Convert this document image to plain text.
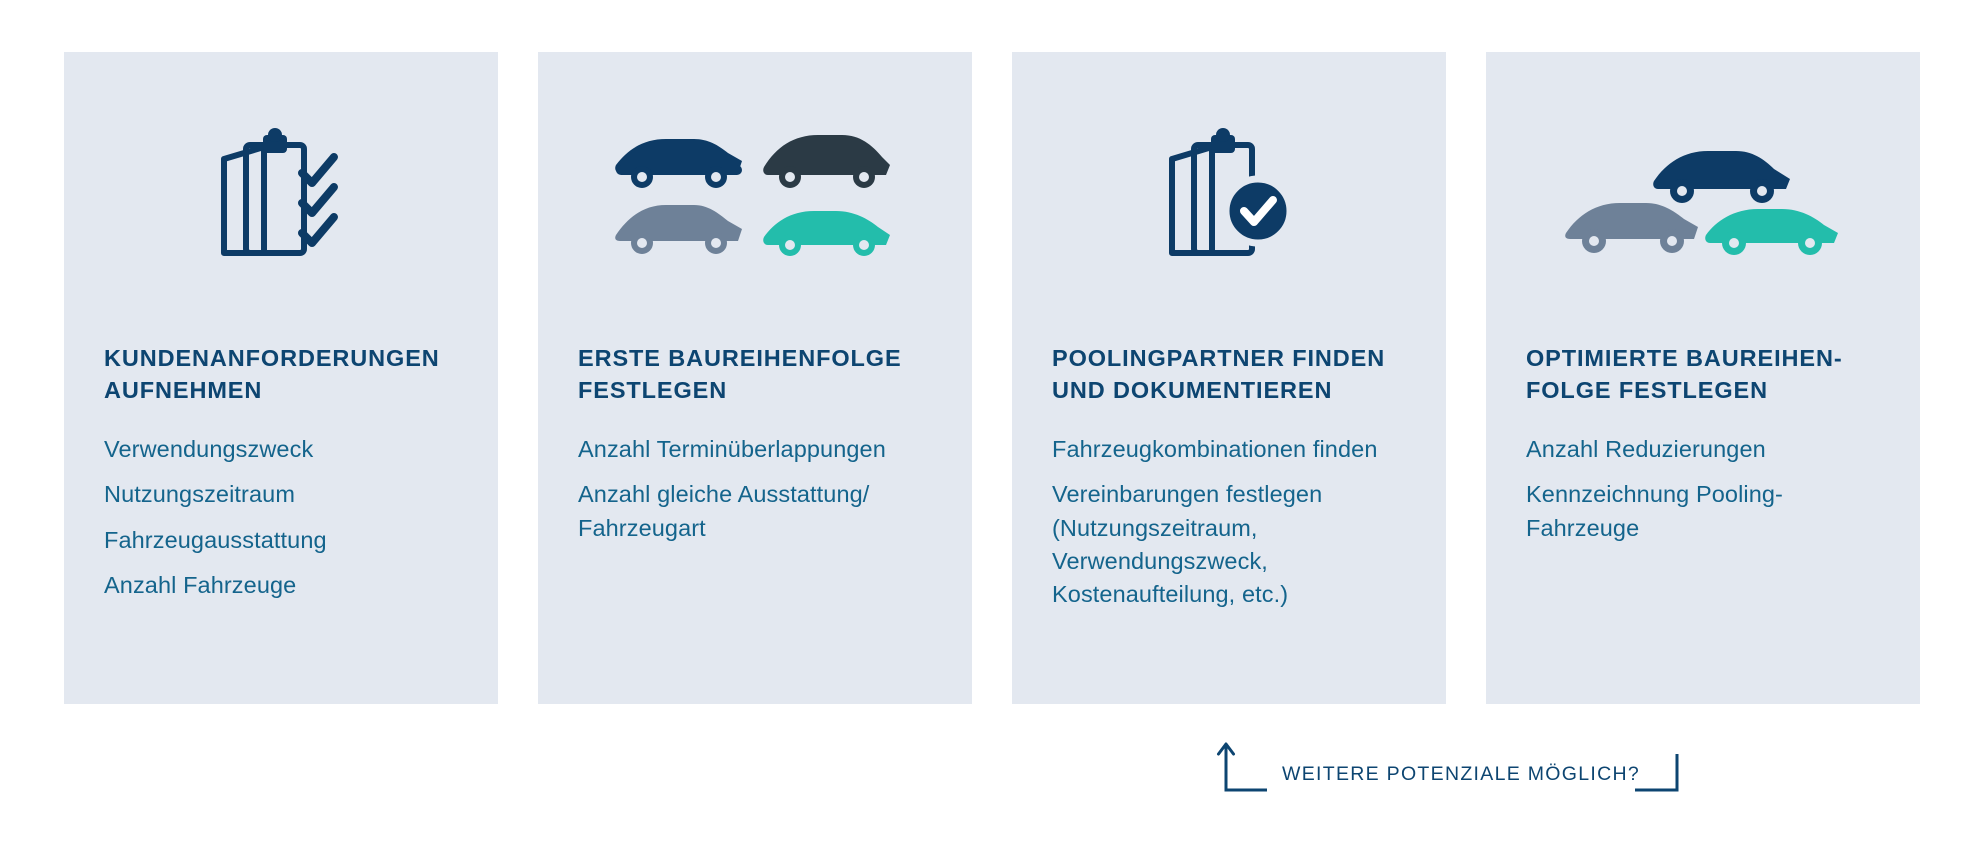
KUNDENANFORDERUNGEN AUFNEHMEN
Verwendungszweck
Nutzungszeitraum
Fahrzeugausstattung
Anzahl Fahrzeuge
ERSTE BAUREIHENFOLGE FESTLEGEN
Anzahl Terminüberlappungen
Anzahl gleiche Ausstattung/ Fahrzeugart
POOLINGPARTNER FINDEN UND DOKUMENTIEREN
Fahrzeugkombinationen finden
Vereinbarungen festlegen (Nutzungszeitraum, Verwendungszweck, Kostenaufteilung, etc.)
OPTIMIERTE BAUREIHEN-FOLGE FESTLEGEN
Anzahl Reduzierungen
Kennzeichnung Pooling-Fahrzeuge
WEITERE POTENZIALE MÖGLICH?
